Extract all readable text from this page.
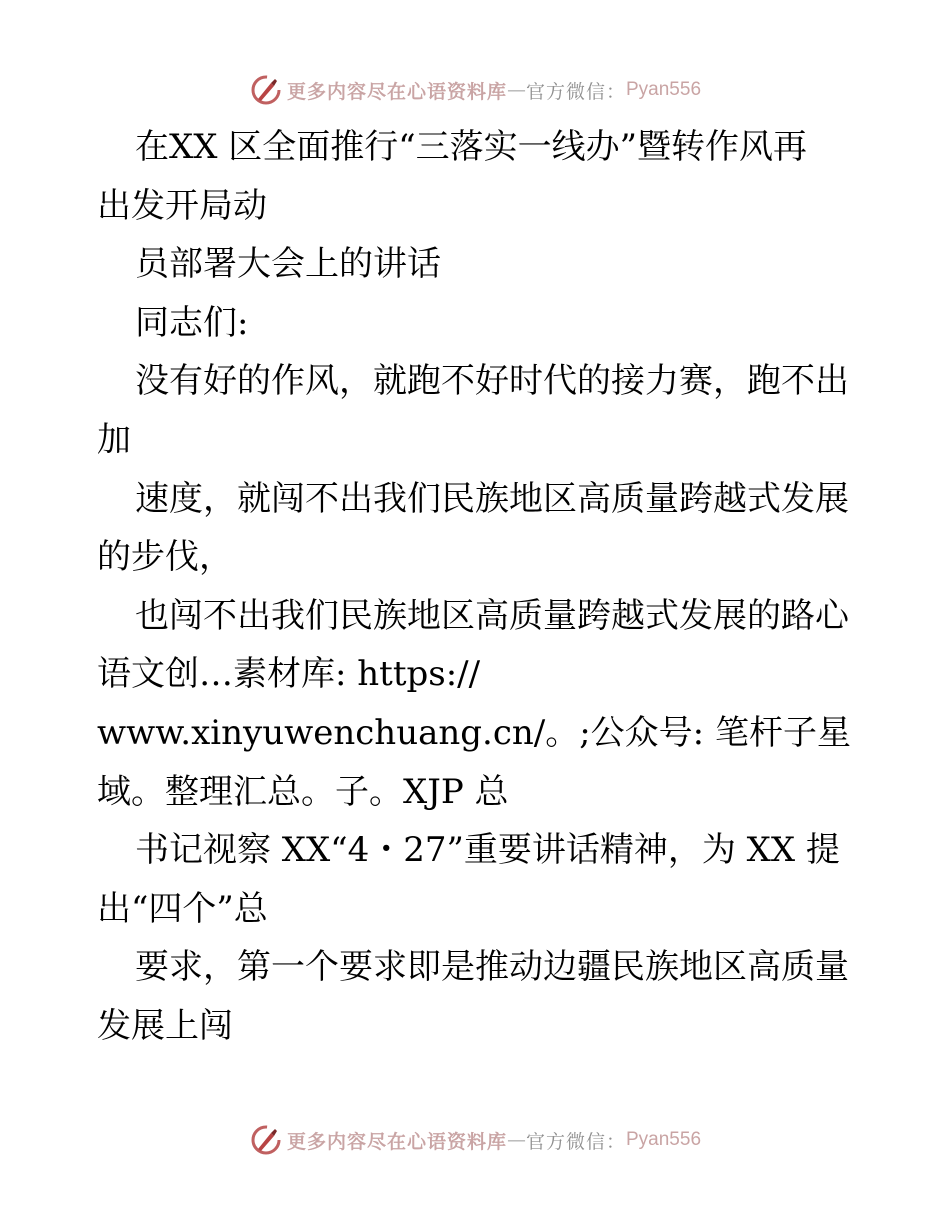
更多内容尽在心语资料库 — 官方微信： Pyan556
在XX 区全面推行“三落实一线办”暨转作风再
出发开局动
员部署大会上的讲话
同志们:
没有好的作风，就跑不好时代的接力赛，跑不出
加
速度，就闯不出我们民族地区高质量跨越式发展
的步伐，
也闯不出我们民族地区高质量跨越式发展的路心
语文创…素材库: https://
www.xinyuwenchuang.cn/。;公众号: 笔杆子星
域。整理汇总。子。XJP 总
书记视察 XX“4・27”重要讲话精神，为 XX 提
出“四个”总
要求，第一个要求即是推动边疆民族地区高质量
发展上闯
更多内容尽在心语资料库 — 官方微信： Pyan556
